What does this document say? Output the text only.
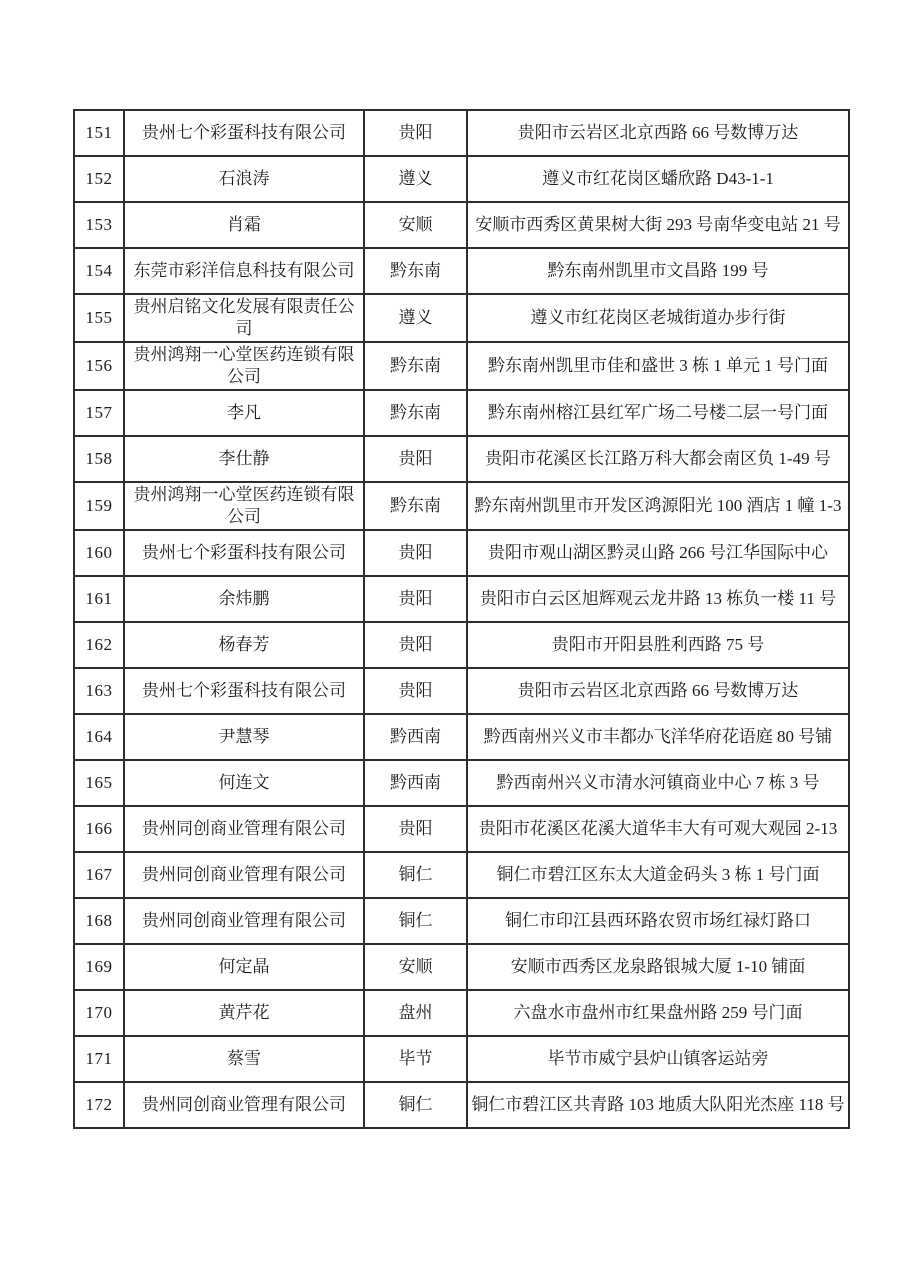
151	贵州七个彩蛋科技有限公司	贵阳	贵阳市云岩区北京西路 66 号数博万达
152	石浪涛	遵义	遵义市红花岗区蟠欣路 D43-1-1
153	肖霜	安顺	安顺市西秀区黄果树大街 293 号南华变电站 21 号
154	东莞市彩洋信息科技有限公司	黔东南	黔东南州凯里市文昌路 199 号
155	贵州启铭文化发展有限责任公司	遵义	遵义市红花岗区老城街道办步行街
156	贵州鸿翔一心堂医药连锁有限公司	黔东南	黔东南州凯里市佳和盛世 3 栋 1 单元 1 号门面
157	李凡	黔东南	黔东南州榕江县红军广场二号楼二层一号门面
158	李仕静	贵阳	贵阳市花溪区长江路万科大都会南区负 1-49 号
159	贵州鸿翔一心堂医药连锁有限公司	黔东南	黔东南州凯里市开发区鸿源阳光 100 酒店 1 幢 1-3
160	贵州七个彩蛋科技有限公司	贵阳	贵阳市观山湖区黔灵山路 266 号江华国际中心
161	余炜鹏	贵阳	贵阳市白云区旭辉观云龙井路 13 栋负一楼 11 号
162	杨春芳	贵阳	贵阳市开阳县胜利西路 75 号
163	贵州七个彩蛋科技有限公司	贵阳	贵阳市云岩区北京西路 66 号数博万达
164	尹慧琴	黔西南	黔西南州兴义市丰都办飞洋华府花语庭 80 号铺
165	何连文	黔西南	黔西南州兴义市清水河镇商业中心 7 栋 3 号
166	贵州同创商业管理有限公司	贵阳	贵阳市花溪区花溪大道华丰大有可观大观园 2-13
167	贵州同创商业管理有限公司	铜仁	铜仁市碧江区东太大道金码头 3 栋 1 号门面
168	贵州同创商业管理有限公司	铜仁	铜仁市印江县西环路农贸市场红禄灯路口
169	何定晶	安顺	安顺市西秀区龙泉路银城大厦 1-10 铺面
170	黄芹花	盘州	六盘水市盘州市红果盘州路 259 号门面
171	蔡雪	毕节	毕节市威宁县炉山镇客运站旁
172	贵州同创商业管理有限公司	铜仁	铜仁市碧江区共青路 103 地质大队阳光杰座 118 号
